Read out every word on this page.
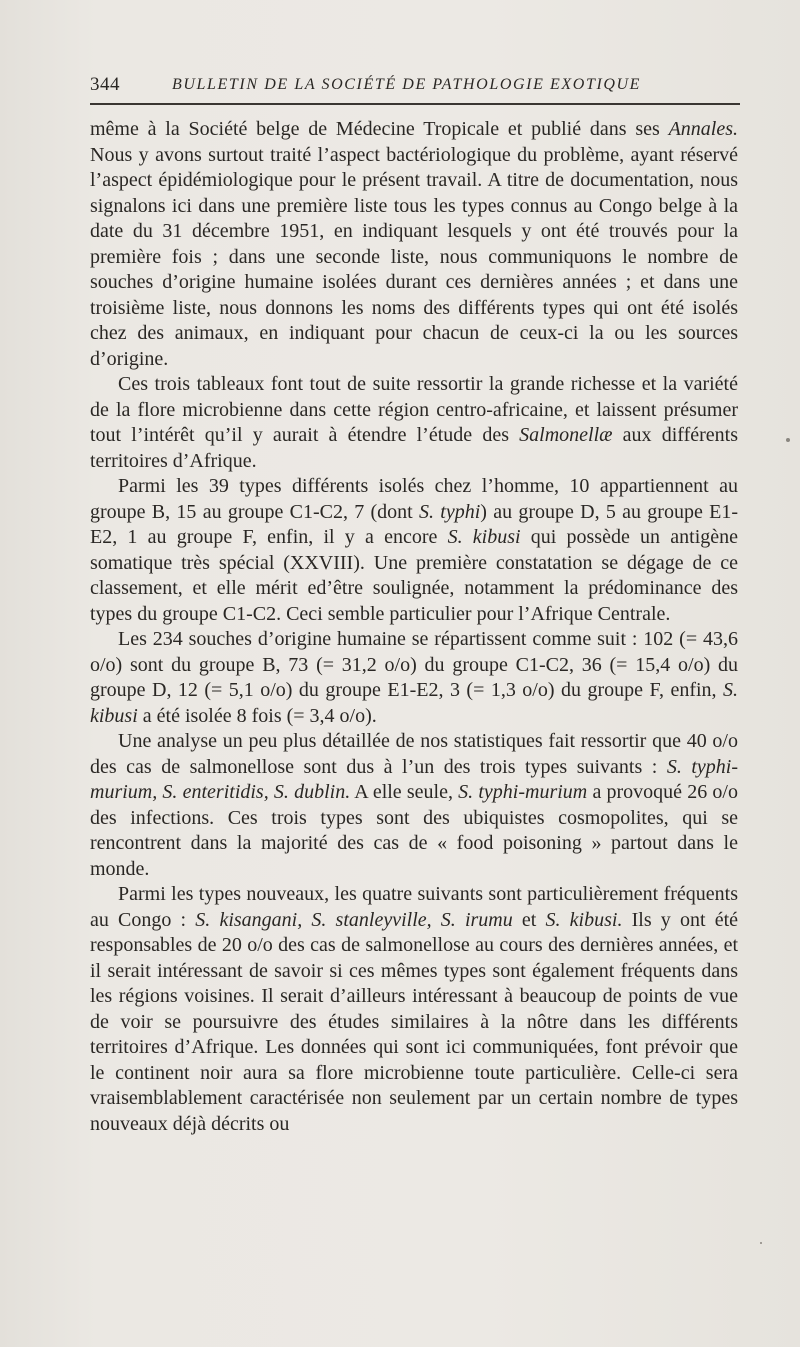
344	BULLETIN DE LA SOCIÉTÉ DE PATHOLOGIE EXOTIQUE

même à la Société belge de Médecine Tropicale et publié dans ses Annales. Nous y avons surtout traité l’aspect bactériologique du problème, ayant réservé l’aspect épidémiologique pour le présent travail. A titre de documentation, nous signalons ici dans une première liste tous les types connus au Congo belge à la date du 31 décembre 1951, en indiquant lesquels y ont été trouvés pour la première fois ; dans une seconde liste, nous communiquons le nombre de souches d’origine humaine isolées durant ces dernières années ; et dans une troisième liste, nous donnons les noms des différents types qui ont été isolés chez des animaux, en indiquant pour chacun de ceux-ci la ou les sources d’origine.

Ces trois tableaux font tout de suite ressortir la grande richesse et la variété de la flore microbienne dans cette région centro-africaine, et laissent présumer tout l’intérêt qu’il y aurait à étendre l’étude des Salmonellæ aux différents territoires d’Afrique.

Parmi les 39 types différents isolés chez l’homme, 10 appartiennent au groupe B, 15 au groupe C1-C2, 7 (dont S. typhi) au groupe D, 5 au groupe E1-E2, 1 au groupe F, enfin, il y a encore S. kibusi qui possède un antigène somatique très spécial (XXVIII). Une première constatation se dégage de ce classement, et elle mérit ed’être soulignée, notamment la prédominance des types du groupe C1-C2. Ceci semble particulier pour l’Afrique Centrale.

Les 234 souches d’origine humaine se répartissent comme suit : 102 (= 43,6 o/o) sont du groupe B, 73 (= 31,2 o/o) du groupe C1-C2, 36 (= 15,4 o/o) du groupe D, 12 (= 5,1 o/o) du groupe E1-E2, 3 (= 1,3 o/o) du groupe F, enfin, S. kibusi a été isolée 8 fois (= 3,4 o/o).

Une analyse un peu plus détaillée de nos statistiques fait ressortir que 40 o/o des cas de salmonellose sont dus à l’un des trois types suivants : S. typhi-murium, S. enteritidis, S. dublin. A elle seule, S. typhi-murium a provoqué 26 o/o des infections. Ces trois types sont des ubiquistes cosmopolites, qui se rencontrent dans la majorité des cas de « food poisoning » partout dans le monde.

Parmi les types nouveaux, les quatre suivants sont particulièrement fréquents au Congo : S. kisangani, S. stanleyville, S. irumu et S. kibusi. Ils y ont été responsables de 20 o/o des cas de salmonellose au cours des dernières années, et il serait intéressant de savoir si ces mêmes types sont également fréquents dans les régions voisines. Il serait d’ailleurs intéressant à beaucoup de points de vue de voir se poursuivre des études similaires à la nôtre dans les différents territoires d’Afrique. Les données qui sont ici communiquées, font prévoir que le continent noir aura sa flore microbienne toute particulière. Celle-ci sera vraisemblablement caractérisée non seulement par un certain nombre de types nouveaux déjà décrits ou
